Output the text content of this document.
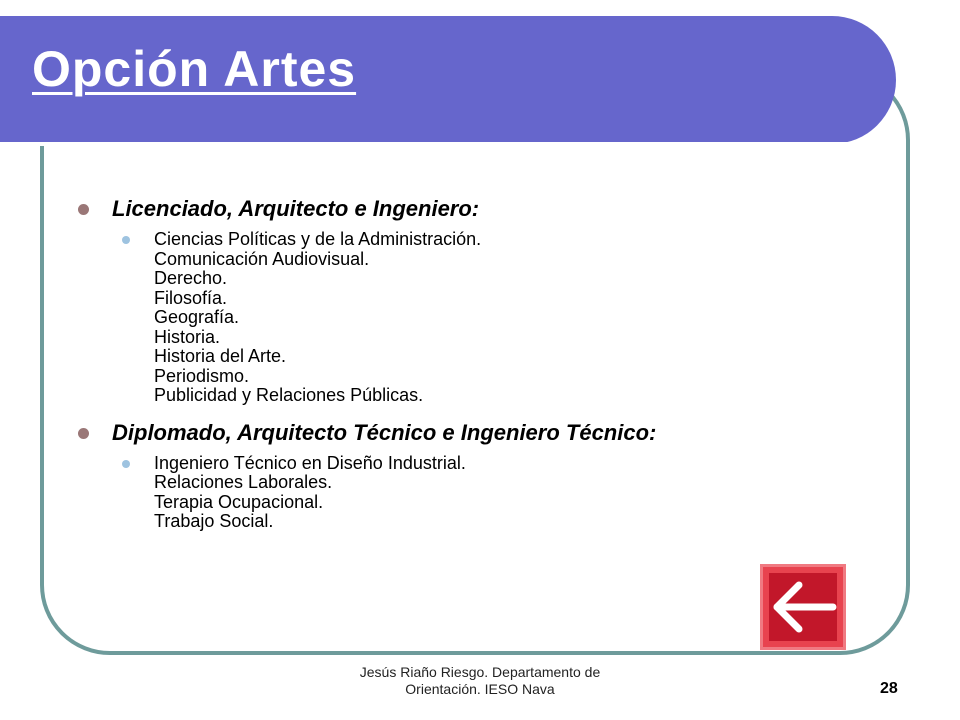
Opción Artes
Licenciado, Arquitecto e Ingeniero:
Ciencias Políticas y de la Administración.
Comunicación Audiovisual.
Derecho.
Filosofía.
Geografía.
Historia.
Historia del Arte.
Periodismo.
Publicidad y Relaciones Públicas.
Diplomado, Arquitecto Técnico e Ingeniero Técnico:
Ingeniero Técnico en Diseño Industrial.
Relaciones Laborales.
Terapia Ocupacional.
Trabajo Social.
Jesús Riaño Riesgo. Departamento de
Orientación. IESO Nava	28
